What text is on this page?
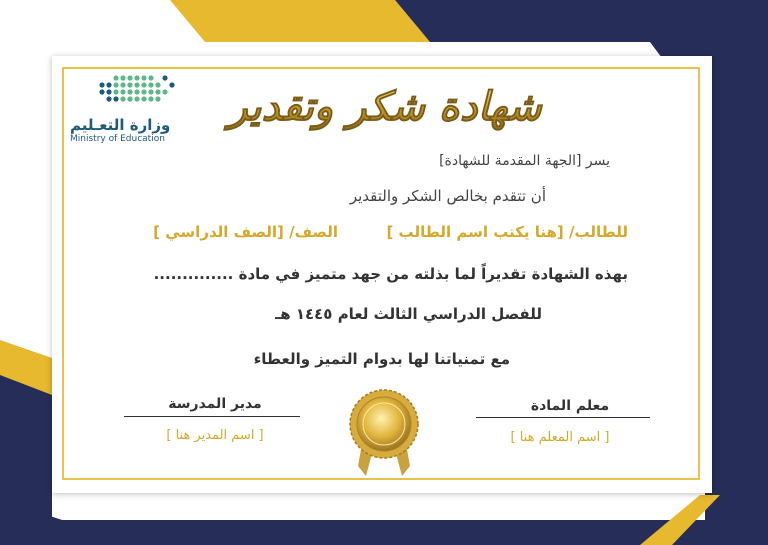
وزارة التعـليم
Ministry of Education
شهادة شكر وتقدير
يسر [الجهة المقدمة للشهادة]
أن تتقدم بخالص الشكر والتقدير
للطالب/ [هنا يكتب اسم الطالب ]  الصف/ [الصف الدراسي ]
بهذه الشهادة تقديراً لما بذلته من جهد متميز في مادة ..............
للفصل الدراسي الثالث لعام ١٤٤٥ هـ
مع تمنياتنا لها بدوام التميز والعطاء
مدير المدرسة
[ اسم المدير هنا ]
معلم المادة
[ اسم المعلم هنا ]
